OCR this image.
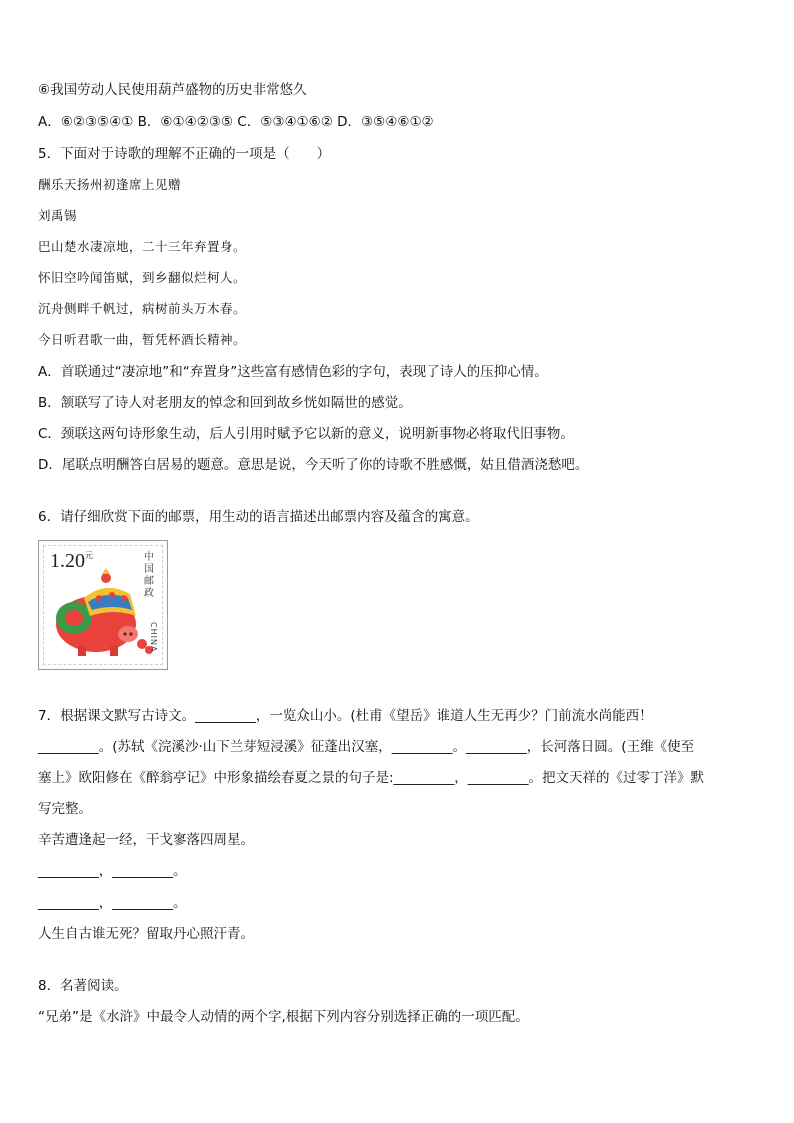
⑥我国劳动人民使用葫芦盛物的历史非常悠久
A．⑥②③⑤④① B．⑥①④②③⑤ C．⑤③④①⑥② D．③⑤④⑥①②
5．下面对于诗歌的理解不正确的一项是（　　）
酬乐天扬州初逢席上见赠
刘禹锡
巴山楚水凄凉地，二十三年弃置身。
怀旧空吟闻笛赋，到乡翻似烂柯人。
沉舟侧畔千帆过，病树前头万木春。
今日听君歌一曲，暂凭杯酒长精神。
A．首联通过“凄凉地”和“弃置身”这些富有感情色彩的字句，表现了诗人的压抑心情。
B．颔联写了诗人对老朋友的悼念和回到故乡恍如隔世的感觉。
C．颈联这两句诗形象生动，后人引用时赋予它以新的意义，说明新事物必将取代旧事物。
D．尾联点明酬答白居易的题意。意思是说，今天听了你的诗歌不胜感慨，姑且借酒浇愁吧。
6．请仔细欣赏下面的邮票，用生动的语言描述出邮票内容及蕴含的寓意。
$1.20^元$	中国邮政
CHINA
7．根据课文默写古诗文。_________，一览众山小。(杜甫《望岳》谁道人生无再少？门前流水尚能西！
_________。(苏轼《浣溪沙·山下兰芽短浸溪》征蓬出汉塞，_________。_________，长河落日圆。(王维《使至
塞上》欧阳修在《醉翁亭记》中形象描绘春夏之景的句子是:_________，_________。把文天祥的《过零丁洋》默
写完整。
辛苦遭逢起一经，干戈寥落四周星。
_________，_________。
_________，_________。
人生自古谁无死？留取丹心照汗青。
8．名著阅读。
“兄弟”是《水浒》中最令人动情的两个字,根据下列内容分别选择正确的一项匹配。
